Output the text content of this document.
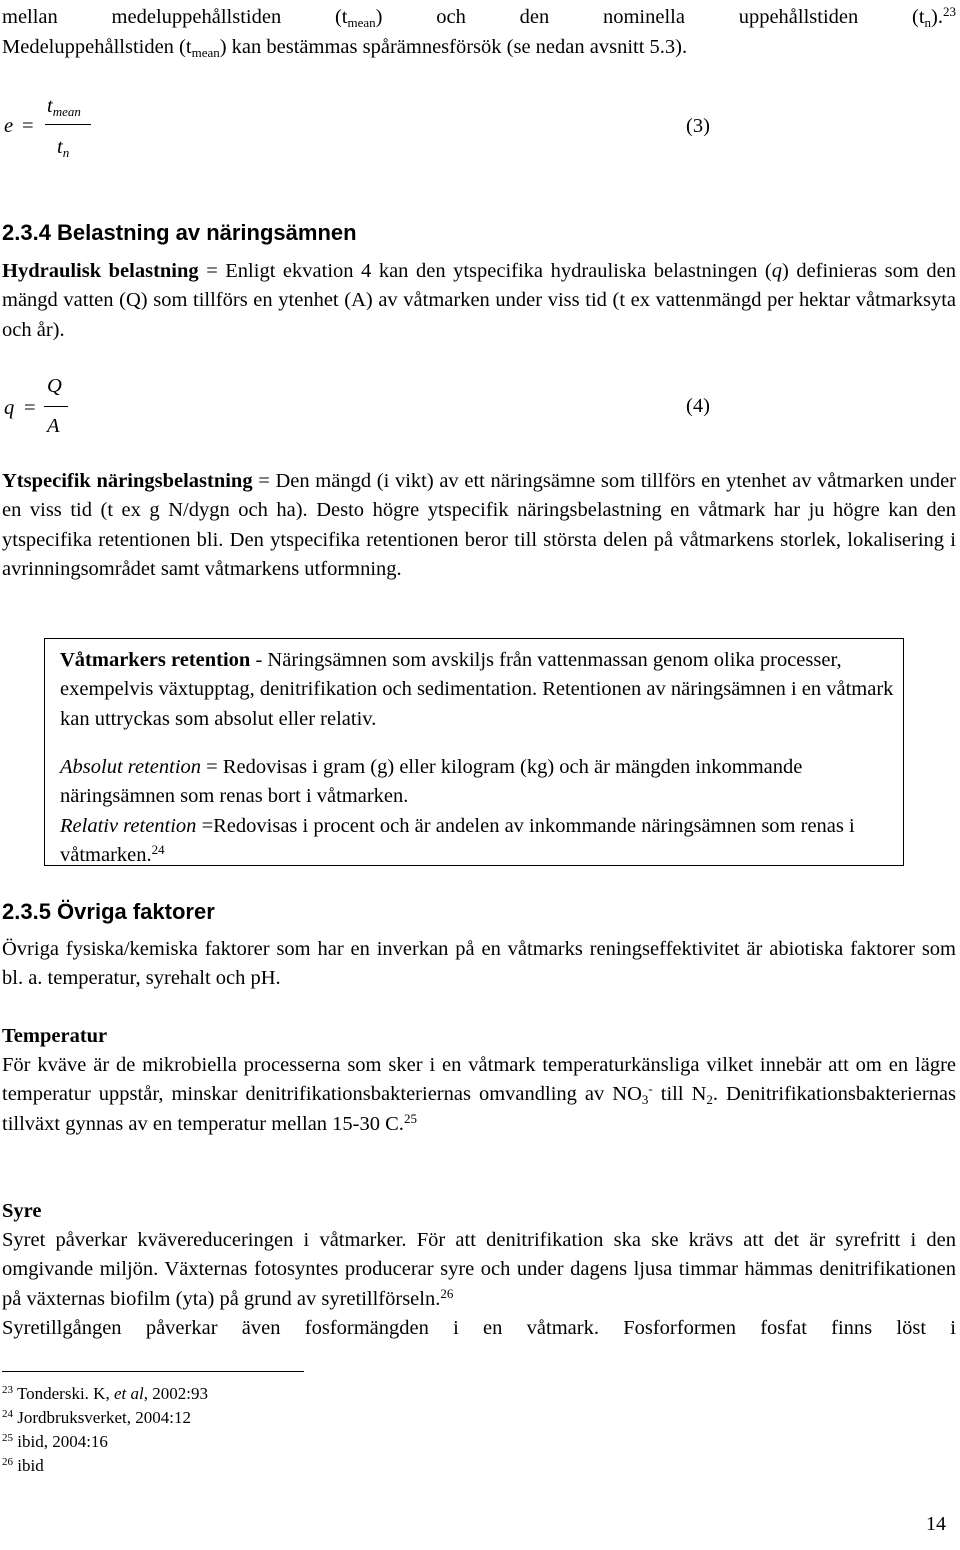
mellan medeluppehållstiden $(t_{mean})$ och den nominella uppehållstiden $(t_n).^{23}$
Medeluppehållstiden $(t_{mean})$ kan bestämmas spårämnesförsök (se nedan avsnitt 5.3).
e =
$t_{mean}$
$t_n$
(3)
2.3.4 Belastning av näringsämnen
Hydraulisk belastning = Enligt ekvation 4 kan den ytspecifika hydrauliska belastningen (q) definieras som den mängd vatten (Q) som tillförs en ytenhet (A) av våtmarken under viss tid (t ex vattenmängd per hektar våtmarksyta och år).
q =
Q
A
(4)
Ytspecifik näringsbelastning = Den mängd (i vikt) av ett näringsämne som tillförs en ytenhet av våtmarken under en viss tid (t ex g N/dygn och ha). Desto högre ytspecifik näringsbelastning en våtmark har ju högre kan den ytspecifika retentionen bli. Den ytspecifika retentionen beror till största delen på våtmarkens storlek, lokalisering i avrinningsområdet samt våtmarkens utformning.
Våtmarkers retention - Näringsämnen som avskiljs från vattenmassan genom olika processer, exempelvis växtupptag, denitrifikation och sedimentation. Retentionen av näringsämnen i en våtmark kan uttryckas som absolut eller relativ.
Absolut retention = Redovisas i gram (g) eller kilogram (kg) och är mängden inkommande näringsämnen som renas bort i våtmarken.
Relativ retention =Redovisas i procent och är andelen av inkommande näringsämnen som renas i våtmarken.$^{24}$
2.3.5 Övriga faktorer
Övriga fysiska/kemiska faktorer som har en inverkan på en våtmarks reningseffektivitet är abiotiska faktorer som bl. a. temperatur, syrehalt och pH.
Temperatur
För kväve är de mikrobiella processerna som sker i en våtmark temperaturkänsliga vilket innebär att om en lägre temperatur uppstår, minskar denitrifikationsbakteriernas omvandling av $NO_3^-$ till $N_2$. Denitrifikationsbakteriernas tillväxt gynnas av en temperatur mellan 15-30 C.$^{25}$
Syre
Syret påverkar kvävereduceringen i våtmarker. För att denitrifikation ska ske krävs att det är syrefritt i den omgivande miljön. Växternas fotosyntes producerar syre och under dagens ljusa timmar hämmas denitrifikationen på växternas biofilm (yta) på grund av syretillförseln.$^{26}$
Syretillgången påverkar även fosformängden i en våtmark. Fosforformen fosfat finns löst i
$^{23}$ Tonderski. K, et al, 2002:93
$^{24}$ Jordbruksverket, 2004:12
$^{25}$ ibid, 2004:16
$^{26}$ ibid
14
